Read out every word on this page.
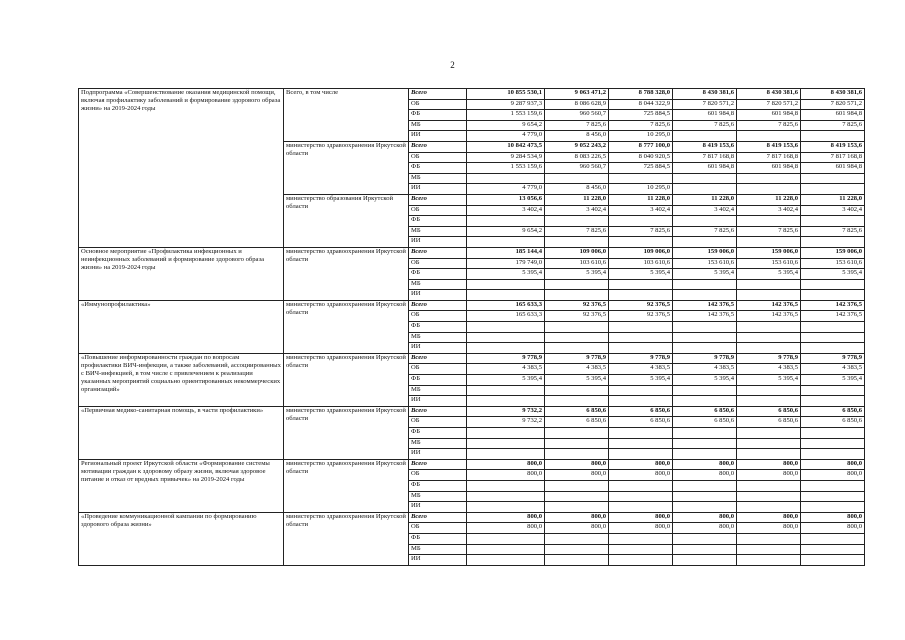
2
Подпрограмма «Совершенствование оказания медицинской помощи, включая профилактику заболеваний и формирование здорового образа жизни» на 2019-2024 годы	Всего, в том числе	Всего	10 855 530,1	9 063 471,2	8 788 328,0	8 430 381,6	8 430 381,6	8 430 381,6
		ОБ	9 287 937,3	8 086 628,9	8 044 322,9	7 820 571,2	7 820 571,2	7 820 571,2
		ФБ	1 553 159,6	960 560,7	725 884,5	601 984,8	601 984,8	601 984,8
		МБ	9 654,2	7 825,6	7 825,6	7 825,6	7 825,6	7 825,6
		ИИ	4 779,0	8 456,0	10 295,0			
	министерство здравоохранения Иркутской области	Всего	10 842 473,5	9 052 243,2	8 777 100,0	8 419 153,6	8 419 153,6	8 419 153,6
		ОБ	9 284 534,9	8 083 226,5	8 040 920,5	7 817 168,8	7 817 168,8	7 817 168,8
		ФБ	1 553 159,6	960 560,7	725 884,5	601 984,8	601 984,8	601 984,8
		МБ						
		ИИ	4 779,0	8 456,0	10 295,0			
	министерство образования Иркутской области	Всего	13 056,6	11 228,0	11 228,0	11 228,0	11 228,0	11 228,0
		ОБ	3 402,4	3 402,4	3 402,4	3 402,4	3 402,4	3 402,4
		ФБ						
		МБ	9 654,2	7 825,6	7 825,6	7 825,6	7 825,6	7 825,6
		ИИ						
Основное мероприятие «Профилактика инфекционных и неинфекционных заболеваний и формирование здорового образа жизни» на 2019-2024 годы	министерство здравоохранения Иркутской области	Всего	185 144,4	109 006,0	109 006,0	159 006,0	159 006,0	159 006,0
		ОБ	179 749,0	103 610,6	103 610,6	153 610,6	153 610,6	153 610,6
		ФБ	5 395,4	5 395,4	5 395,4	5 395,4	5 395,4	5 395,4
		МБ						
		ИИ						
«Иммунопрофилактика»	министерство здравоохранения Иркутской области	Всего	165 633,3	92 376,5	92 376,5	142 376,5	142 376,5	142 376,5
		ОБ	165 633,3	92 376,5	92 376,5	142 376,5	142 376,5	142 376,5
		ФБ						
		МБ						
		ИИ						
«Повышение информированности граждан по вопросам профилактики ВИЧ-инфекции, а также заболеваний, ассоциированных с ВИЧ-инфекцией, в том числе с привлечением к реализации указанных мероприятий социально ориентированных некоммерческих организаций»	министерство здравоохранения Иркутской области	Всего	9 778,9	9 778,9	9 778,9	9 778,9	9 778,9	9 778,9
		ОБ	4 383,5	4 383,5	4 383,5	4 383,5	4 383,5	4 383,5
		ФБ	5 395,4	5 395,4	5 395,4	5 395,4	5 395,4	5 395,4
		МБ						
		ИИ						
«Первичная медико-санитарная помощь, в части профилактики»	министерство здравоохранения Иркутской области	Всего	9 732,2	6 850,6	6 850,6	6 850,6	6 850,6	6 850,6
		ОБ	9 732,2	6 850,6	6 850,6	6 850,6	6 850,6	6 850,6
		ФБ						
		МБ						
		ИИ						
Региональный проект Иркутской области «Формирование системы мотивации граждан к здоровому образу жизни, включая здоровое питание и отказ от вредных привычек» на 2019-2024 годы	министерство здравоохранения Иркутской области	Всего	800,0	800,0	800,0	800,0	800,0	800,0
		ОБ	800,0	800,0	800,0	800,0	800,0	800,0
		ФБ						
		МБ						
		ИИ						
«Проведение коммуникационной кампании по формированию здорового образа жизни»	министерство здравоохранения Иркутской области	Всего	800,0	800,0	800,0	800,0	800,0	800,0
		ОБ	800,0	800,0	800,0	800,0	800,0	800,0
		ФБ						
		МБ						
		ИИ						
